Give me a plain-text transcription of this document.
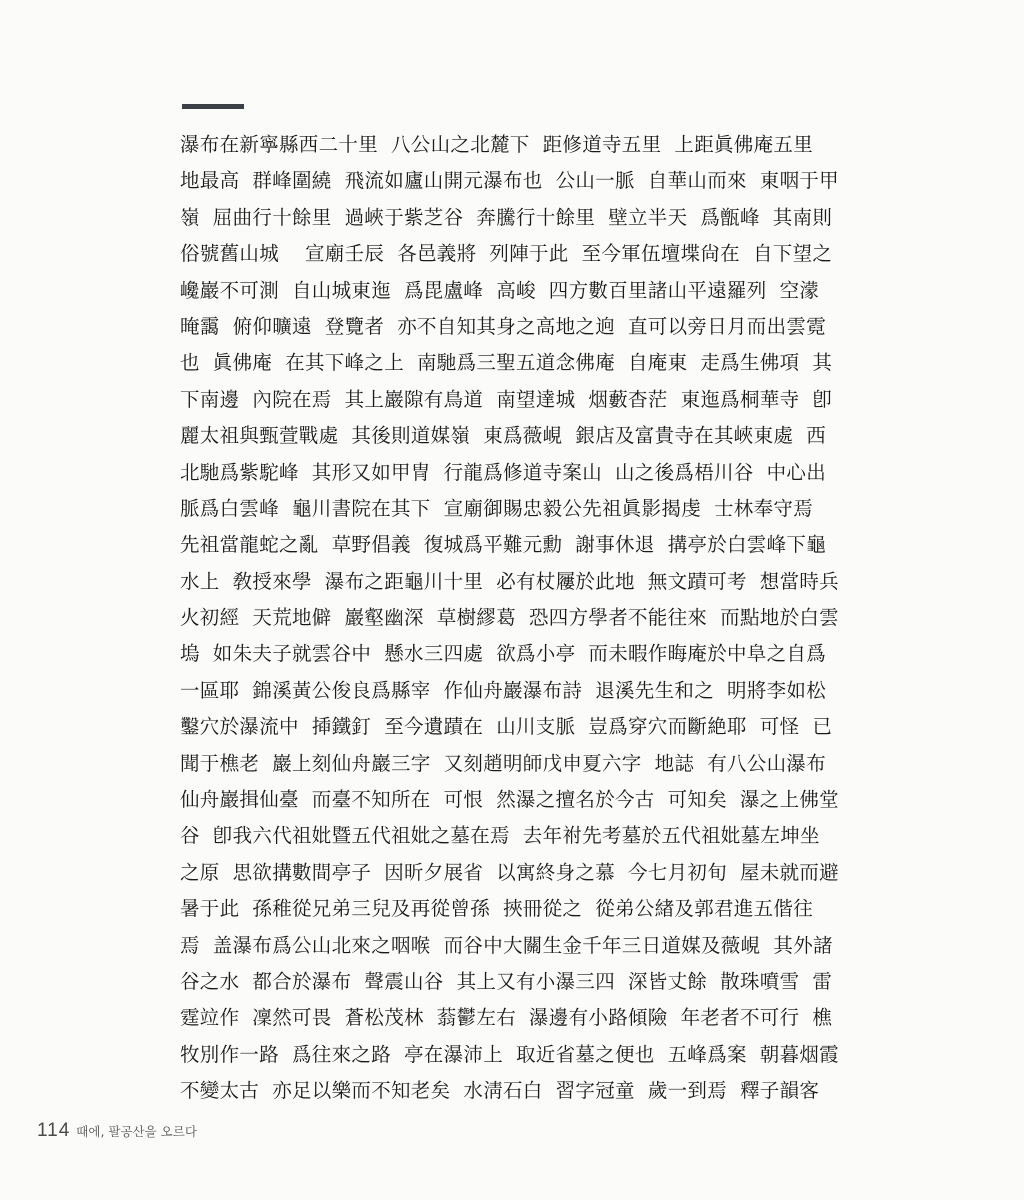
瀑布在新寧縣西二十里  八公山之北麓下  距修道寺五里  上距眞佛庵五里
地最高  群峰圍繞  飛流如廬山開元瀑布也  公山一脈  自華山而來  東咽于甲
嶺  屈曲行十餘里  過峽于紫芝谷  奔騰行十餘里  壁立半天  爲甑峰  其南則
俗號舊山城    宣廟壬辰  各邑義將  列陣于此  至今軍伍壇堞尙在  自下望之
巉巖不可測  自山城東迤  爲毘盧峰  高峻  四方數百里諸山平遠羅列  空濛
晻靄  俯仰曠遠  登覽者  亦不自知其身之高地之逈  直可以旁日月而出雲霓
也  眞佛庵  在其下峰之上  南馳爲三聖五道念佛庵  自庵東  走爲生佛項  其
下南邊  內院在焉  其上巖隙有鳥道  南望達城  烟藪杳茫  東迤爲桐華寺  卽
麗太祖與甄萱戰處  其後則道媒嶺  東爲薇峴  銀店及富貴寺在其峽東處  西
北馳爲紫駝峰  其形又如甲冑  行龍爲修道寺案山  山之後爲梧川谷  中心出
脈爲白雲峰  龜川書院在其下  宣廟御賜忠毅公先祖眞影揭虔  士林奉守焉
先祖當龍蛇之亂  草野倡義  復城爲平難元勳  謝事休退  搆亭於白雲峰下龜
水上  敎授來學  瀑布之距龜川十里  必有杖屨於此地  無文蹟可考  想當時兵
火初經  天荒地僻  巖壑幽深  草樹繆葛  恐四方學者不能往來  而點地於白雲
塢  如朱夫子就雲谷中  懸水三四處  欲爲小亭  而未暇作晦庵於中阜之自爲
一區耶  錦溪黃公俊良爲縣宰  作仙舟巖瀑布詩  退溪先生和之  明將李如松
鑿穴於瀑流中  揷鐵釘  至今遺蹟在  山川支脈  豈爲穿穴而斷絶耶  可怪  已
聞于樵老  巖上刻仙舟巖三字  又刻趙明師戊申夏六字  地誌  有八公山瀑布
仙舟巖揖仙臺  而臺不知所在  可恨  然瀑之擅名於今古  可知矣  瀑之上佛堂
谷  卽我六代祖妣暨五代祖妣之墓在焉  去年祔先考墓於五代祖妣墓左坤坐
之原  思欲搆數間亭子  因昕夕展省  以寓終身之慕  今七月初旬  屋未就而避
暑于此  孫稚從兄弟三兒及再從曾孫  挾冊從之  從弟公緖及郭君進五偕往
焉  盖瀑布爲公山北來之咽喉  而谷中大關生金千年三日道媒及薇峴  其外諸
谷之水  都合於瀑布  聲震山谷  其上又有小瀑三四  深皆丈餘  散珠噴雪  雷
霆竝作  凜然可畏  蒼松茂林  蓊鬱左右  瀑邊有小路傾險  年老者不可行  樵
牧別作一路  爲往來之路  亭在瀑沛上  取近省墓之便也  五峰爲案  朝暮烟霞
不變太古  亦足以樂而不知老矣  水淸石白  習字冠童  歲一到焉  釋子韻客
114 때에, 팔공산을 오르다
